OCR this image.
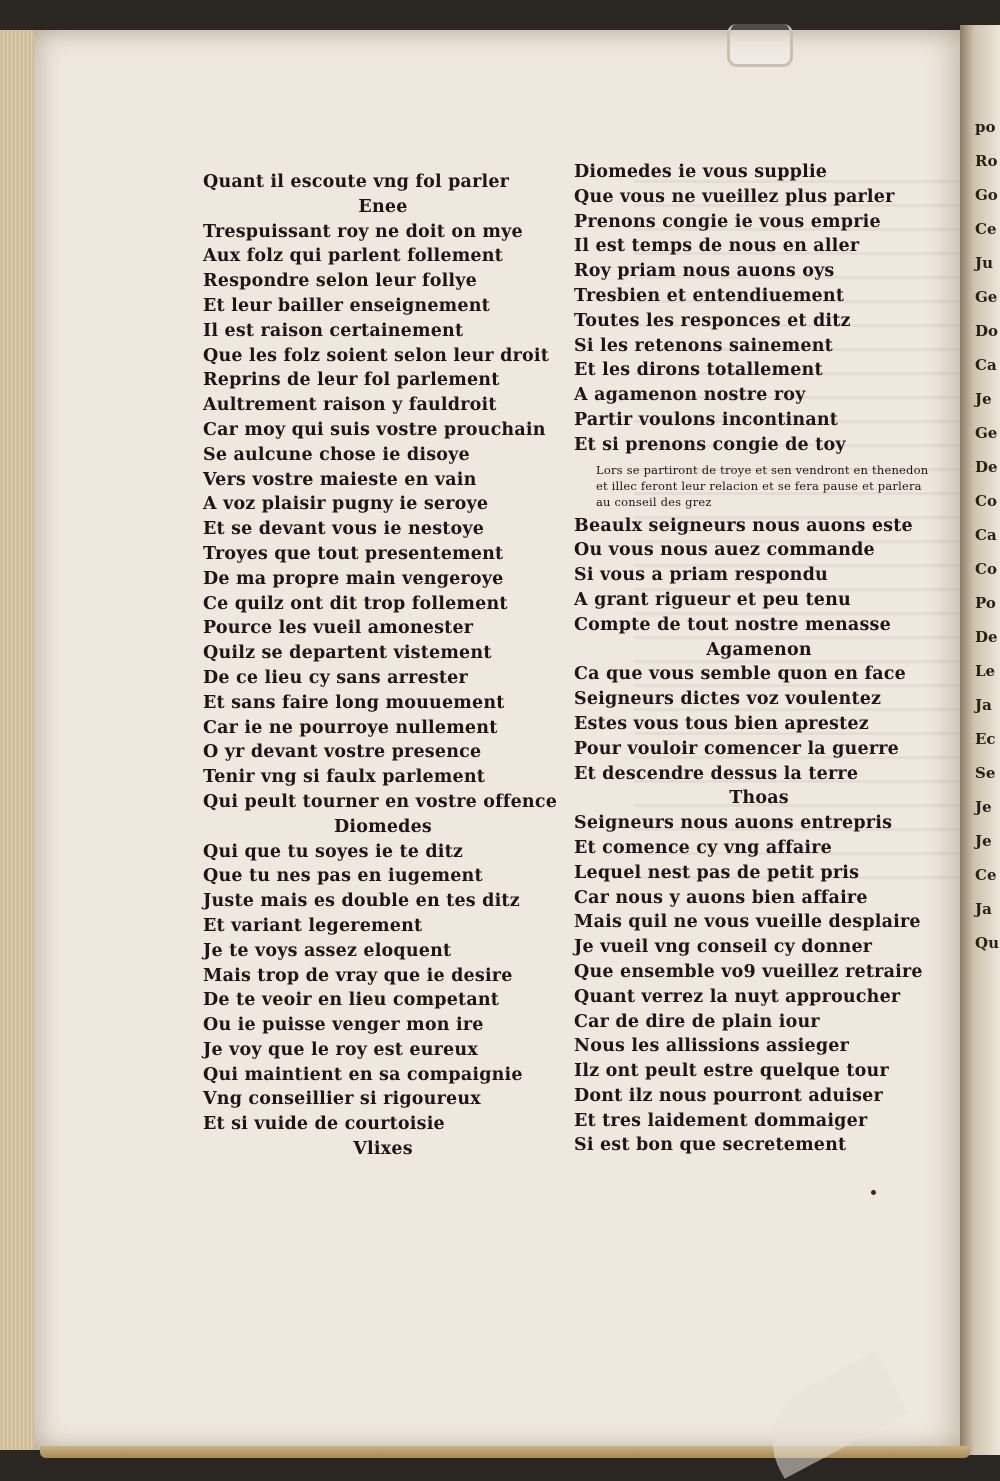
po
Ro
Go
Ce
Ju
Ge
Do
Ca
Je
Ge
De
Co
Ca
Co
Po
De
Le
Ja
Ec
Se
Je
Je
Ce
Ja
Qu
Quant il escoute vng fol parler
Enee
Trespuissant roy ne doit on mye
Aux folz qui parlent follement
Respondre selon leur follye
Et leur bailler enseignement
Il est raison certainement
Que les folz soient selon leur droit
Reprins de leur fol parlement
Aultrement raison y fauldroit
Car moy qui suis vostre prouchain
Se aulcune chose ie disoye
Vers vostre maieste en vain
A voz plaisir pugny ie seroye
Et se devant vous ie nestoye
Troyes que tout presentement
De ma propre main vengeroye
Ce quilz ont dit trop follement
Pource les vueil amonester
Quilz se departent vistement
De ce lieu cy sans arrester
Et sans faire long mouuement
Car ie ne pourroye nullement
O yr devant vostre presence
Tenir vng si faulx parlement
Qui peult tourner en vostre offence
Diomedes
Qui que tu soyes ie te ditz
Que tu nes pas en iugement
Juste mais es double en tes ditz
Et variant legerement
Je te voys assez eloquent
Mais trop de vray que ie desire
De te veoir en lieu competant
Ou ie puisse venger mon ire
Je voy que le roy est eureux
Qui maintient en sa compaignie
Vng conseillier si rigoureux
Et si vuide de courtoisie
Vlixes
Diomedes ie vous supplie
Que vous ne vueillez plus parler
Prenons congie ie vous emprie
Il est temps de nous en aller
Roy priam nous auons oys
Tresbien et entendiuement
Toutes les responces et ditz
Si les retenons sainement
Et les dirons totallement
A agamenon nostre roy
Partir voulons incontinant
Et si prenons congie de toy
Lors se partiront de troye et sen vendront en thenedon et illec feront leur relacion et se fera pause et parlera au conseil des grez
Beaulx seigneurs nous auons este
Ou vous nous auez commande
Si vous a priam respondu
A grant rigueur et peu tenu
Compte de tout nostre menasse
Agamenon
Ca que vous semble quon en face
Seigneurs dictes voz voulentez
Estes vous tous bien aprestez
Pour vouloir comencer la guerre
Et descendre dessus la terre
Thoas
Seigneurs nous auons entrepris
Et comence cy vng affaire
Lequel nest pas de petit pris
Car nous y auons bien affaire
Mais quil ne vous vueille desplaire
Je vueil vng conseil cy donner
Que ensemble vo9 vueillez retraire
Quant verrez la nuyt approucher
Car de dire de plain iour
Nous les allissions assieger
Ilz ont peult estre quelque tour
Dont ilz nous pourront aduiser
Et tres laidement dommaiger
Si est bon que secretement
